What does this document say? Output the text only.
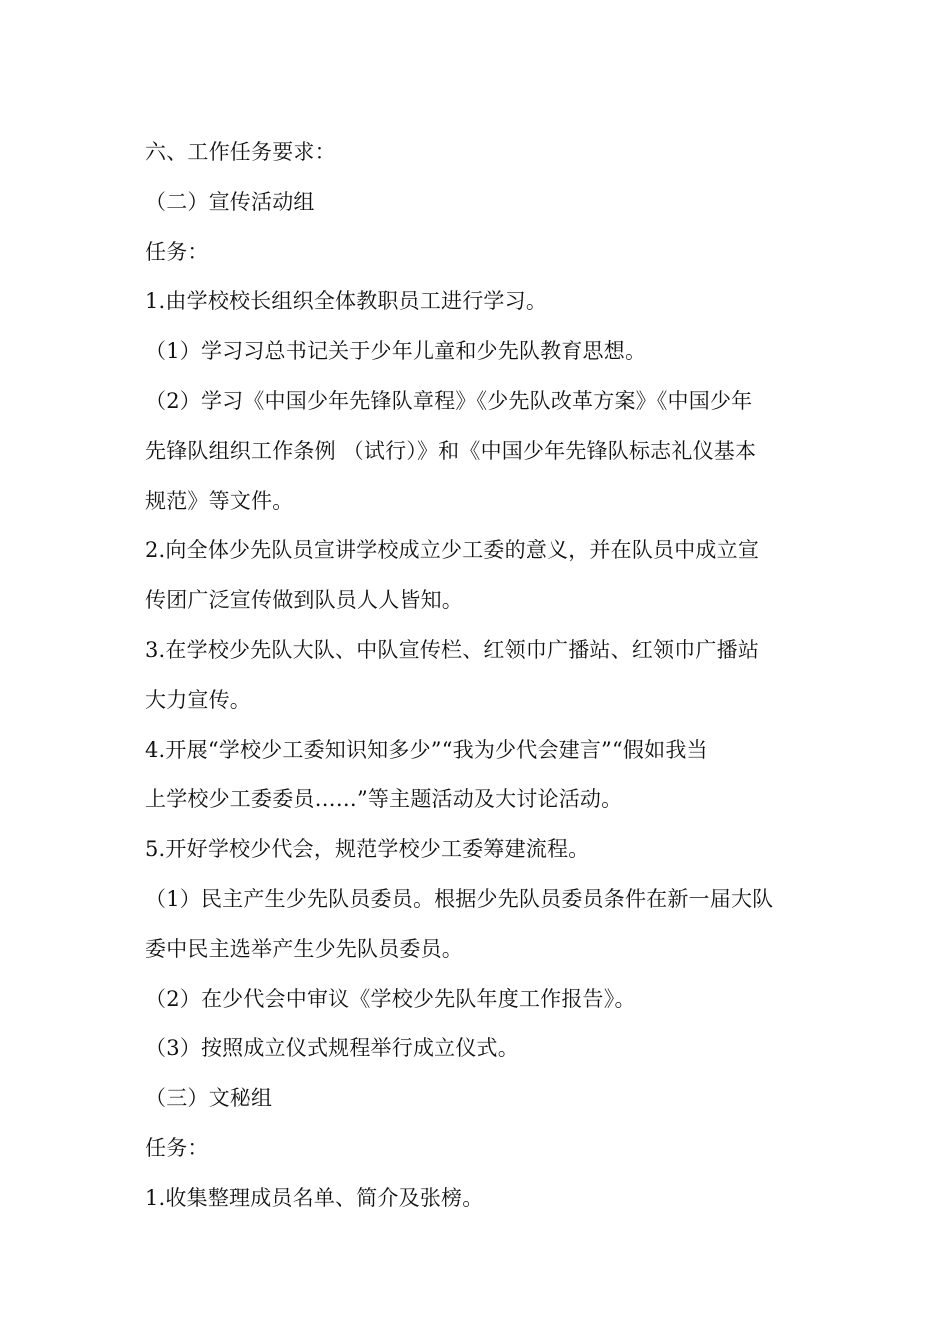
六、工作任务要求：
（二）宣传活动组
任务：
1.由学校校长组织全体教职员工进行学习。
（1）学习习总书记关于少年儿童和少先队教育思想。
（2）学习《中国少年先锋队章程》《少先队改革方案》《中国少年
先锋队组织工作条例 （试行）》和《中国少年先锋队标志礼仪基本
规范》等文件。
2.向全体少先队员宣讲学校成立少工委的意义，并在队员中成立宣
传团广泛宣传做到队员人人皆知。
3.在学校少先队大队、中队宣传栏、红领巾广播站、红领巾广播站
大力宣传。
4.开展“学校少工委知识知多少”“我为少代会建言”“假如我当
上学校少工委委员……”等主题活动及大讨论活动。
5.开好学校少代会，规范学校少工委筹建流程。
（1）民主产生少先队员委员。根据少先队员委员条件在新一届大队
委中民主选举产生少先队员委员。
（2）在少代会中审议《学校少先队年度工作报告》。
（3）按照成立仪式规程举行成立仪式。
（三）文秘组
任务：
1.收集整理成员名单、简介及张榜。
